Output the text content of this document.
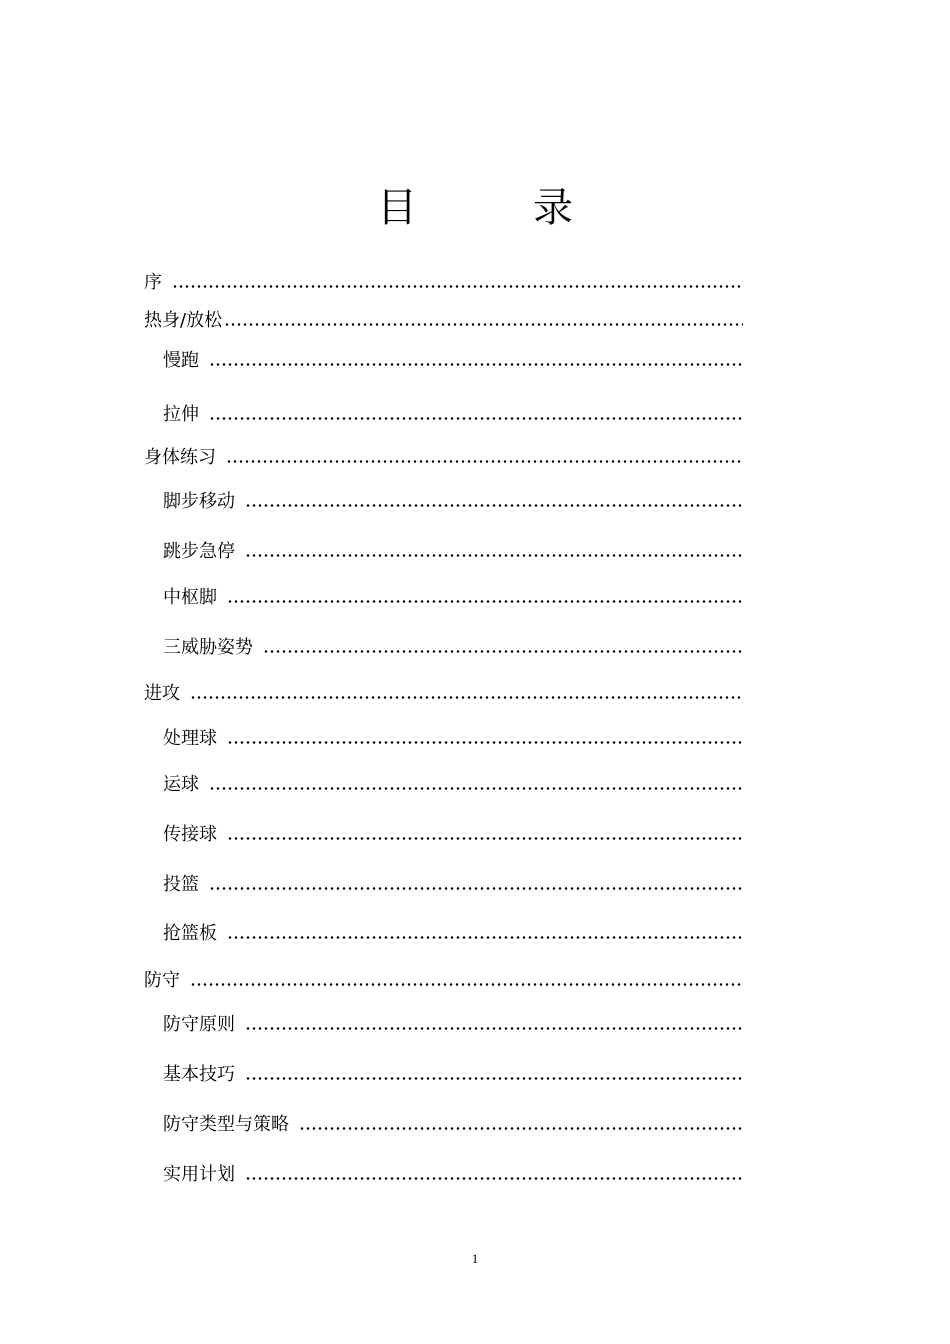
目　录
序
热身/放松
慢跑
拉伸
身体练习
脚步移动
跳步急停
中枢脚
三威胁姿势
进攻
处理球
运球
传接球
投篮
抢篮板
防守
防守原则
基本技巧
防守类型与策略
实用计划
1
